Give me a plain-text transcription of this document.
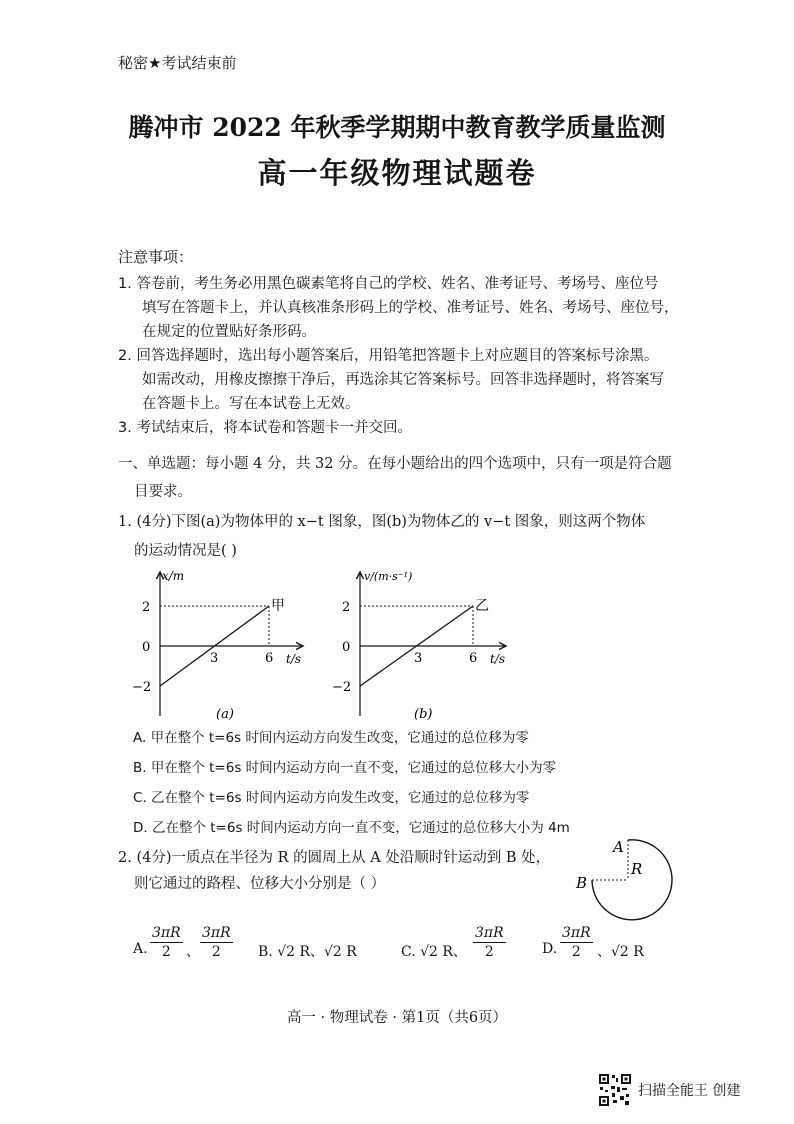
秘密★考试结束前
腾冲市 2022 年秋季学期期中教育教学质量监测
高一年级物理试题卷
注意事项：
1. 答卷前，考生务必用黑色碳素笔将自己的学校、姓名、准考证号、考场号、座位号
填写在答题卡上，并认真核准条形码上的学校、准考证号、姓名、考场号、座位号，
在规定的位置贴好条形码。
2. 回答选择题时，选出每小题答案后，用铅笔把答题卡上对应题目的答案标号涂黑。
如需改动，用橡皮擦擦干净后，再选涂其它答案标号。回答非选择题时，将答案写
在答题卡上。写在本试卷上无效。
3. 考试结束后，将本试卷和答题卡一并交回。
一、单选题：每小题 4 分，共 32 分。在每小题给出的四个选项中，只有一项是符合题
目要求。
1. (4分)下图(a)为物体甲的 x−t 图象，图(b)为物体乙的 v−t 图象，则这两个物体
的运动情况是( )
x/m
t/s
甲
2
0
−2
3	6
(a)
v/(m·s⁻¹)
t/s
乙
2
0
−2
3	6
(b)
A. 甲在整个 t=6s 时间内运动方向发生改变，它通过的总位移为零
B. 甲在整个 t=6s 时间内运动方向一直不变，它通过的总位移大小为零
C. 乙在整个 t=6s 时间内运动方向发生改变，它通过的总位移为零
D. 乙在整个 t=6s 时间内运动方向一直不变，它通过的总位移大小为 4m
2. (4分)一质点在半径为 R 的圆周上从 A 处沿顺时针运动到 B 处，
则它通过的路程、位移大小分别是（ ）
A
B
R
A. $\frac{3\pi R}{2}$ 、 $\frac{3\pi R}{2} B$. √2 R、√2 R	C. √2 R、 $\frac{3\pi R}{2}$	D. $\frac{3\pi R}{2}$ 、√2 R
高一 · 物理试卷 · 第1页（共6页）
扫描全能王 创建
